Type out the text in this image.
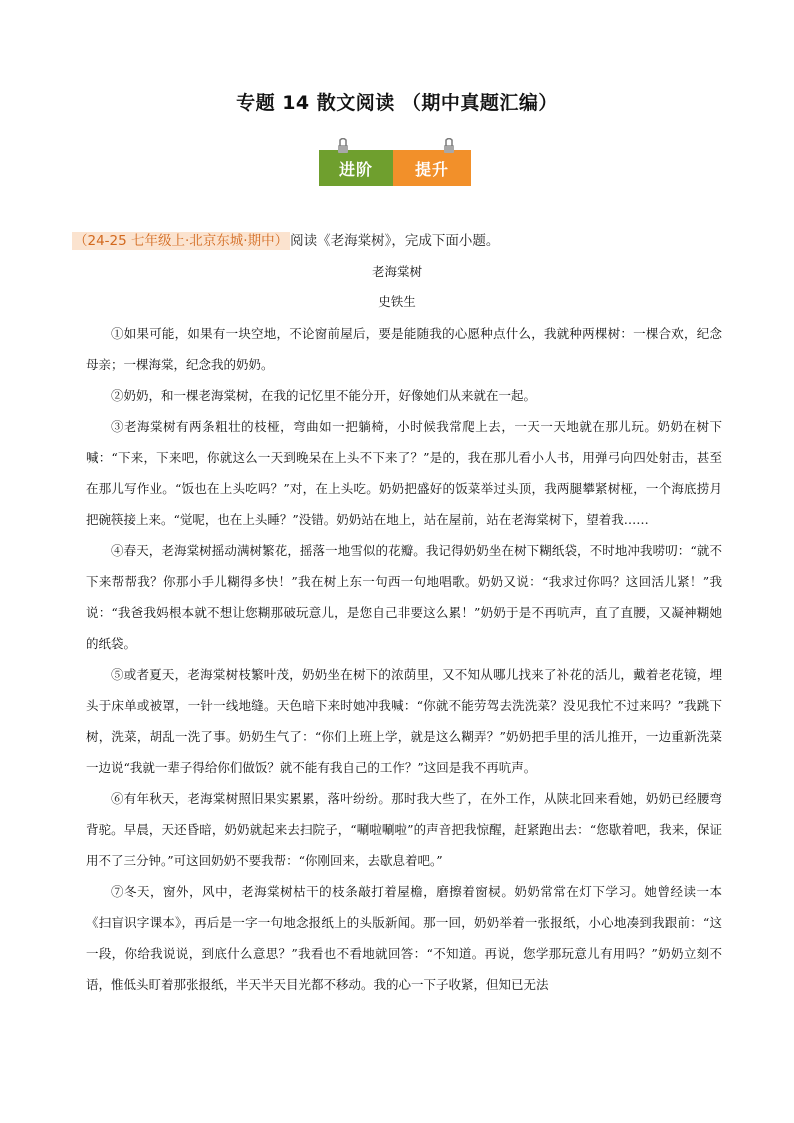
专题 14 散文阅读 （期中真题汇编）
进阶	提升
（24-25 七年级上·北京东城·期中） 阅读《老海棠树》，完成下面小题。
老海棠树
史铁生

①如果可能，如果有一块空地，不论窗前屋后，要是能随我的心愿种点什么，我就种两棵树：一棵合欢，纪念母亲；一棵海棠，纪念我的奶奶。

②奶奶，和一棵老海棠树，在我的记忆里不能分开，好像她们从来就在一起。

③老海棠树有两条粗壮的枝桠，弯曲如一把躺椅，小时候我常爬上去，一天一天地就在那儿玩。奶奶在树下喊：“下来，下来吧，你就这么一天到晚呆在上头不下来了？”是的，我在那儿看小人书，用弹弓向四处射击，甚至在那儿写作业。“饭也在上头吃吗？”对，在上头吃。奶奶把盛好的饭菜举过头顶，我两腿攀紧树桠，一个海底捞月把碗筷接上来。“觉呢，也在上头睡？”没错。奶奶站在地上，站在屋前，站在老海棠树下，望着我……

④春天，老海棠树摇动满树繁花，摇落一地雪似的花瓣。我记得奶奶坐在树下糊纸袋，不时地冲我唠叨：“就不下来帮帮我？你那小手儿糊得多快！”我在树上东一句西一句地唱歌。奶奶又说：“我求过你吗？这回活儿紧！”我说：“我爸我妈根本就不想让您糊那破玩意儿，是您自己非要这么累！”奶奶于是不再吭声，直了直腰，又凝神糊她的纸袋。

⑤或者夏天，老海棠树枝繁叶茂，奶奶坐在树下的浓荫里，又不知从哪儿找来了补花的活儿，戴着老花镜，埋头于床单或被罩，一针一线地缝。天色暗下来时她冲我喊：“你就不能劳驾去洗洗菜？没见我忙不过来吗？”我跳下树，洗菜，胡乱一洗了事。奶奶生气了：“你们上班上学，就是这么糊弄？”奶奶把手里的活儿推开，一边重新洗菜一边说“我就一辈子得给你们做饭？就不能有我自己的工作？”这回是我不再吭声。

⑥有年秋天，老海棠树照旧果实累累，落叶纷纷。那时我大些了，在外工作，从陕北回来看她，奶奶已经腰弯背驼。早晨，天还昏暗，奶奶就起来去扫院子，“唰啦唰啦”的声音把我惊醒，赶紧跑出去：“您歇着吧，我来，保证用不了三分钟。”可这回奶奶不要我帮：“你刚回来，去歇息着吧。”

⑦冬天，窗外，风中，老海棠树枯干的枝条敲打着屋檐，磨擦着窗棂。奶奶常常在灯下学习。她曾经读一本《扫盲识字课本》，再后是一字一句地念报纸上的头版新闻。那一回，奶奶举着一张报纸，小心地凑到我跟前：“这一段，你给我说说，到底什么意思？”我看也不看地就回答：“不知道。再说，您学那玩意儿有用吗？”奶奶立刻不语，惟低头盯着那张报纸，半天半天目光都不移动。我的心一下子收紧，但知已无法
